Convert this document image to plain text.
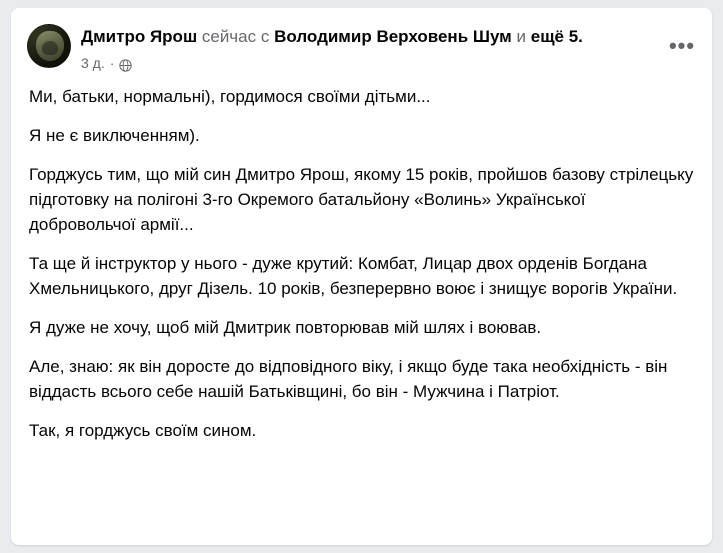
Дмитро Ярош сейчас с Володимир Верховень Шум и ещё 5.
3 д. ·
•••

Ми, батьки, нормальні), гордимося своїми дітьми...

Я не є виключенням).

Горджусь тим, що мій син Дмитро Ярош, якому 15 років, пройшов базову стрілецьку підготовку на полігоні 3-го Окремого батальйону «Волинь» Української добровольчої армії...

Та ще й інструктор у нього - дуже крутий: Комбат, Лицар двох орденів Богдана Хмельницького, друг Дізель. 10 років, безперервно воює і знищує ворогів України.

Я дуже не хочу, щоб мій Дмитрик повторював мій шлях і воював.

Але, знаю: як він доросте до відповідного віку, і якщо буде така необхідність - він віддасть всього себе нашій Батьківщині, бо він - Мужчина і Патріот.

Так, я горджусь своїм сином.
